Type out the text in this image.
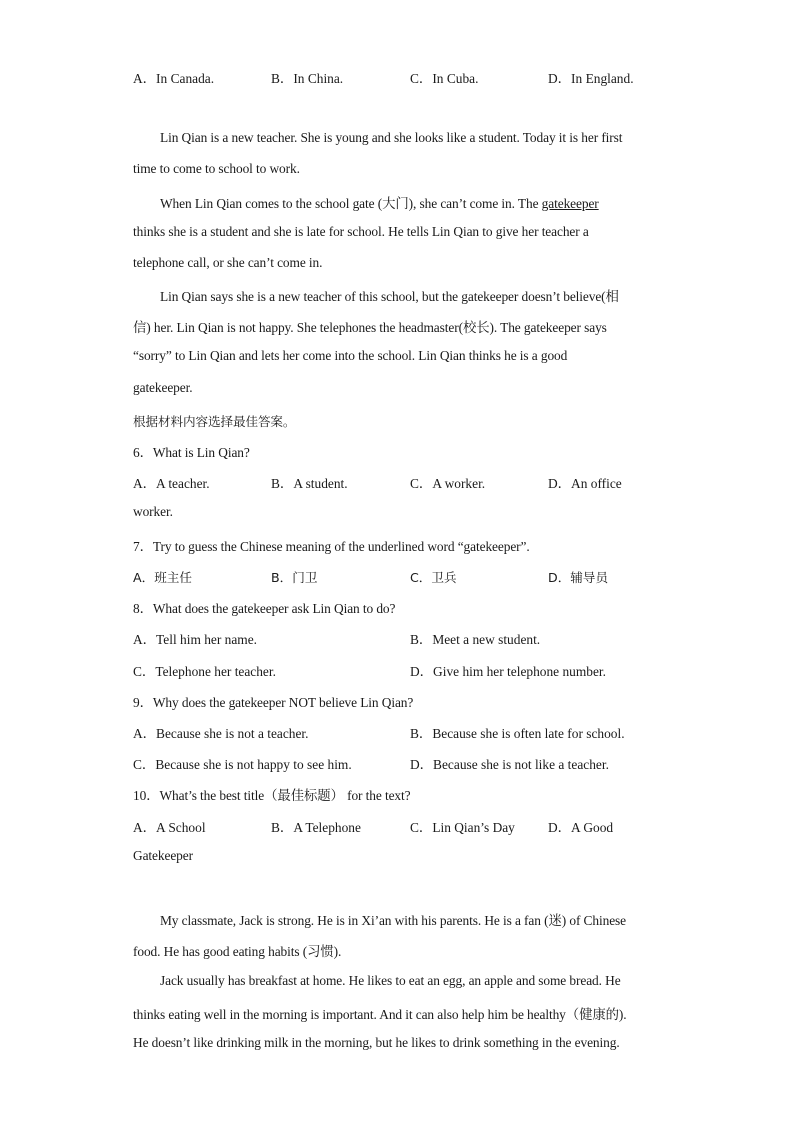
A．In Canada.	B．In China.	C．In Cuba.	D．In England.
Lin Qian is a new teacher. She is young and she looks like a student. Today it is her first
time to come to school to work.
When Lin Qian comes to the school gate (大门), she can’t come in. The gatekeeper
thinks she is a student and she is late for school. He tells Lin Qian to give her teacher a
telephone call, or she can’t come in.
Lin Qian says she is a new teacher of this school, but the gatekeeper doesn’t believe(相
信) her. Lin Qian is not happy. She telephones the headmaster(校长). The gatekeeper says
“sorry” to Lin Qian and lets her come into the school. Lin Qian thinks he is a good
gatekeeper.
根据材料内容选择最佳答案。
6．What is Lin Qian?
A．A teacher.	B．A student.	C．A worker.	D．An office
worker.
7．Try to guess the Chinese meaning of the underlined word “gatekeeper”.
A．班主任	B．门卫	C．卫兵	D．辅导员
8．What does the gatekeeper ask Lin Qian to do?
A．Tell him her name.	B．Meet a new student.
C．Telephone her teacher.	D．Give him her telephone number.
9．Why does the gatekeeper NOT believe Lin Qian?
A．Because she is not a teacher.	B．Because she is often late for school.
C．Because she is not happy to see him.	D．Because she is not like a teacher.
10．What’s the best title（最佳标题） for the text?
A．A School	B．A Telephone	C．Lin Qian’s Day D．A Good
Gatekeeper
My classmate, Jack is strong. He is in Xi’an with his parents. He is a fan (迷) of Chinese
food. He has good eating habits (习惯).
Jack usually has breakfast at home. He likes to eat an egg, an apple and some bread. He
thinks eating well in the morning is important. And it can also help him be healthy（健康的).
He doesn’t like drinking milk in the morning, but he likes to drink something in the evening.
